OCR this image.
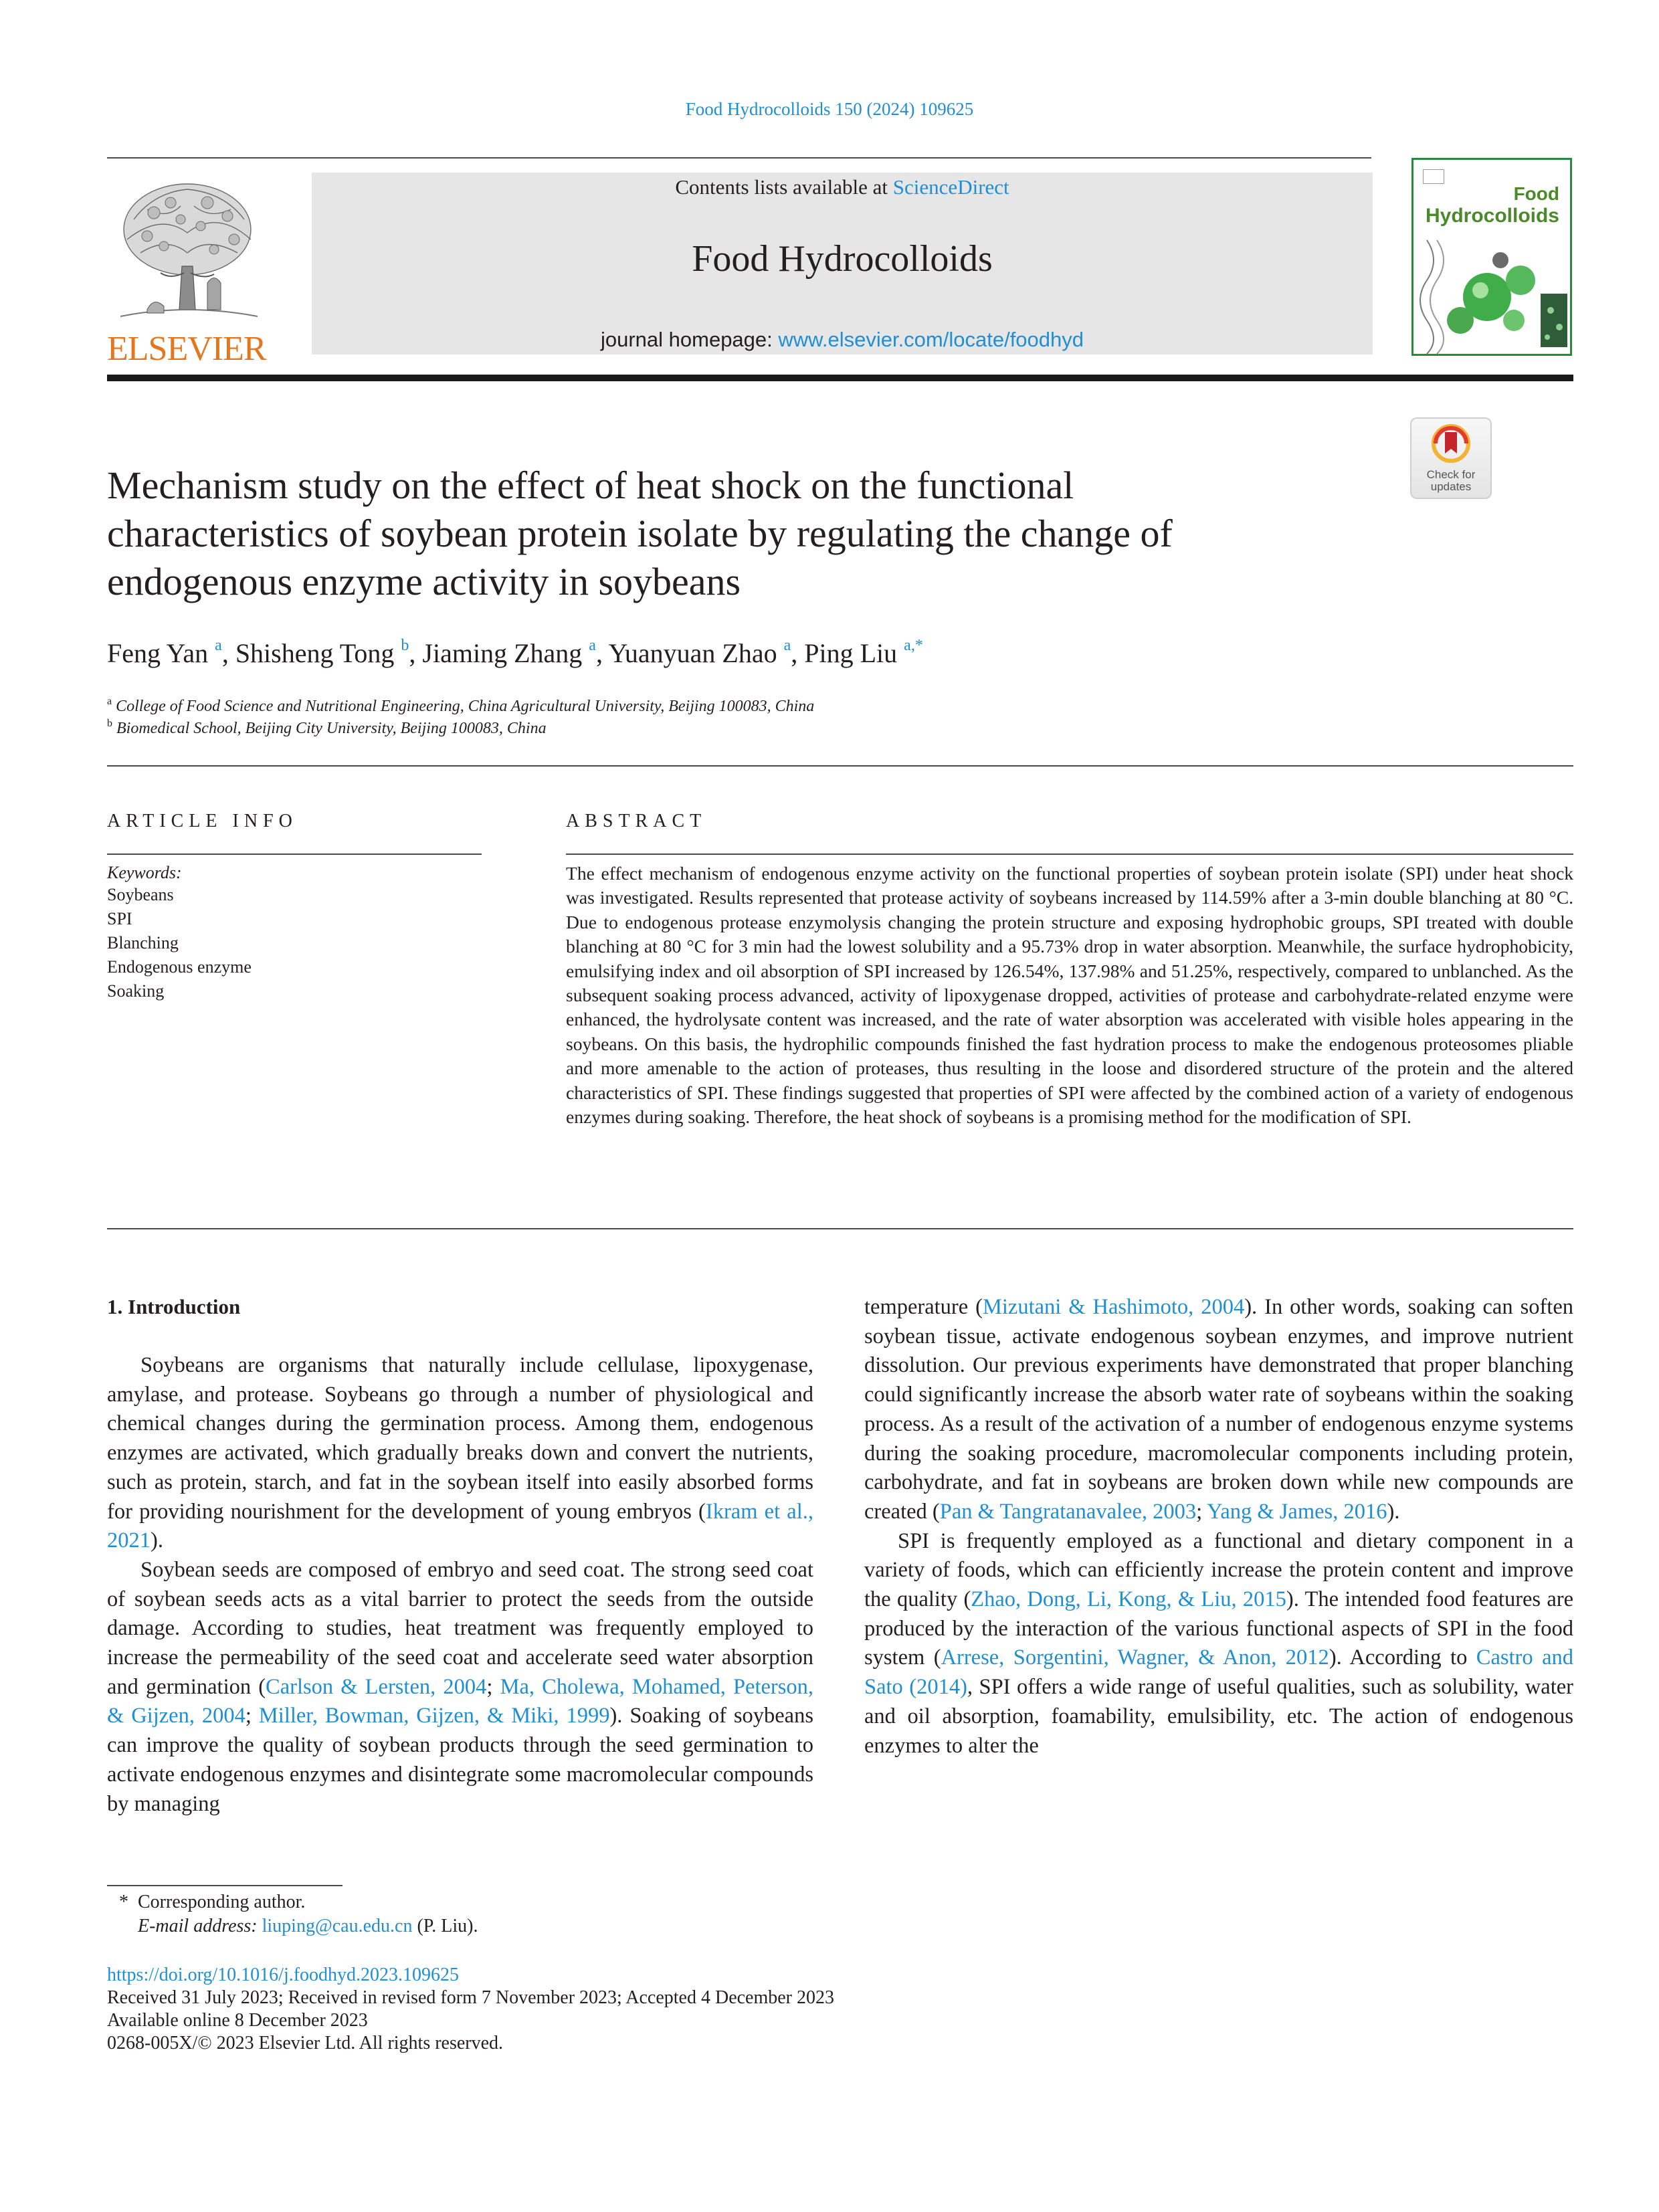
Food Hydrocolloids 150 (2024) 109625
ELSEVIER
Contents lists available at ScienceDirect
Food Hydrocolloids
journal homepage: www.elsevier.com/locate/foodhyd
Food
Hydrocolloids
Check for
updates
Mechanism study on the effect of heat shock on the functional
characteristics of soybean protein isolate by regulating the change of
endogenous enzyme activity in soybeans
Feng Yan $^a$, Shisheng Tong $^b$, Jiaming Zhang $^a$, Yuanyuan Zhao $^a$, Ping Liu $^{a,*}$
$^a$ College of Food Science and Nutritional Engineering, China Agricultural University, Beijing 100083, China
$^b$ Biomedical School, Beijing City University, Beijing 100083, China
ARTICLE INFO
Keywords:
Soybeans
SPI
Blanching
Endogenous enzyme
Soaking
ABSTRACT
The effect mechanism of endogenous enzyme activity on the functional properties of soybean protein isolate (SPI) under heat shock was investigated. Results represented that protease activity of soybeans increased by 114.59% after a 3-min double blanching at 80 °C. Due to endogenous protease enzymolysis changing the protein structure and exposing hydrophobic groups, SPI treated with double blanching at 80 °C for 3 min had the lowest solubility and a 95.73% drop in water absorption. Meanwhile, the surface hydrophobicity, emulsifying index and oil absorption of SPI increased by 126.54%, 137.98% and 51.25%, respectively, compared to unblanched. As the subsequent soaking process advanced, activity of lipoxygenase dropped, activities of protease and carbohydrate-related enzyme were enhanced, the hydrolysate content was increased, and the rate of water absorption was accelerated with visible holes appearing in the soybeans. On this basis, the hydrophilic compounds finished the fast hydration process to make the endogenous proteosomes pliable and more amenable to the action of proteases, thus resulting in the loose and disordered structure of the protein and the altered characteristics of SPI. These findings suggested that properties of SPI were affected by the combined action of a variety of endogenous enzymes during soaking. Therefore, the heat shock of soybeans is a promising method for the modification of SPI.
1. Introduction

Soybeans are organisms that naturally include cellulase, lipoxygenase, amylase, and protease. Soybeans go through a number of physiological and chemical changes during the germination process. Among them, endogenous enzymes are activated, which gradually breaks down and convert the nutrients, such as protein, starch, and fat in the soybean itself into easily absorbed forms for providing nourishment for the development of young embryos (Ikram et al., 2021).

Soybean seeds are composed of embryo and seed coat. The strong seed coat of soybean seeds acts as a vital barrier to protect the seeds from the outside damage. According to studies, heat treatment was frequently employed to increase the permeability of the seed coat and accelerate seed water absorption and germination (Carlson & Lersten, 2004; Ma, Cholewa, Mohamed, Peterson, & Gijzen, 2004; Miller, Bowman, Gijzen, & Miki, 1999). Soaking of soybeans can improve the quality of soybean products through the seed germination to activate endogenous enzymes and disintegrate some macromolecular compounds by managing

temperature (Mizutani & Hashimoto, 2004). In other words, soaking can soften soybean tissue, activate endogenous soybean enzymes, and improve nutrient dissolution. Our previous experiments have demonstrated that proper blanching could significantly increase the absorb water rate of soybeans within the soaking process. As a result of the activation of a number of endogenous enzyme systems during the soaking procedure, macromolecular components including protein, carbohydrate, and fat in soybeans are broken down while new compounds are created (Pan & Tangratanavalee, 2003; Yang & James, 2016).

SPI is frequently employed as a functional and dietary component in a variety of foods, which can efficiently increase the protein content and improve the quality (Zhao, Dong, Li, Kong, & Liu, 2015). The intended food features are produced by the interaction of the various functional aspects of SPI in the food system (Arrese, Sorgentini, Wagner, & Anon, 2012). According to Castro and Sato (2014), SPI offers a wide range of useful qualities, such as solubility, water and oil absorption, foamability, emulsibility, etc. The action of endogenous enzymes to alter the

* Corresponding author.
E-mail address: liuping@cau.edu.cn (P. Liu).
https://doi.org/10.1016/j.foodhyd.2023.109625
Received 31 July 2023; Received in revised form 7 November 2023; Accepted 4 December 2023
Available online 8 December 2023
0268-005X/© 2023 Elsevier Ltd. All rights reserved.
